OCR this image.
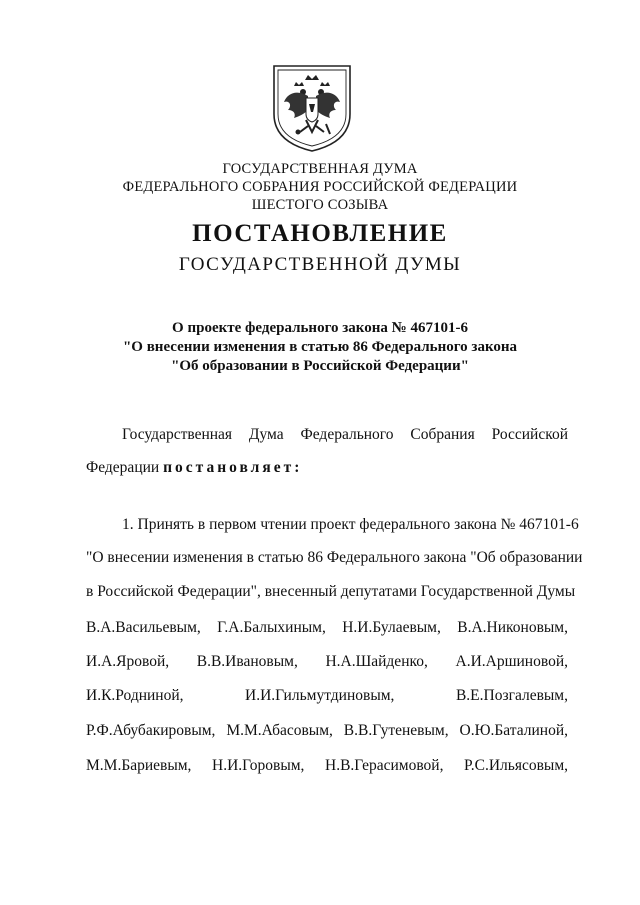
ГОСУДАРСТВЕННАЯ ДУМА
ФЕДЕРАЛЬНОГО СОБРАНИЯ РОССИЙСКОЙ ФЕДЕРАЦИИ
ШЕСТОГО СОЗЫВА
ПОСТАНОВЛЕНИЕ
ГОСУДАРСТВЕННОЙ ДУМЫ
О проекте федерального закона № 467101-6
"О внесении изменения в статью 86 Федерального закона
"Об образовании в Российской Федерации"
Государственная Дума Федерального Собрания Российской
Федерации постановляет:
1. Принять в первом чтении проект федерального закона № 467101-6
"О внесении изменения в статью 86 Федерального закона "Об образовании
в Российской Федерации", внесенный депутатами Государственной Думы
В.А.Васильевым, Г.А.Балыхиным, Н.И.Булаевым, В.А.Никоновым,
И.А.Яровой, В.В.Ивановым, Н.А.Шайденко, А.И.Аршиновой,
И.К.Родниной, И.И.Гильмутдиновым, В.Е.Позгалевым,
Р.Ф.Абубакировым, М.М.Абасовым, В.В.Гутеневым, О.Ю.Баталиной,
М.М.Бариевым, Н.И.Горовым, Н.В.Герасимовой, Р.С.Ильясовым,
